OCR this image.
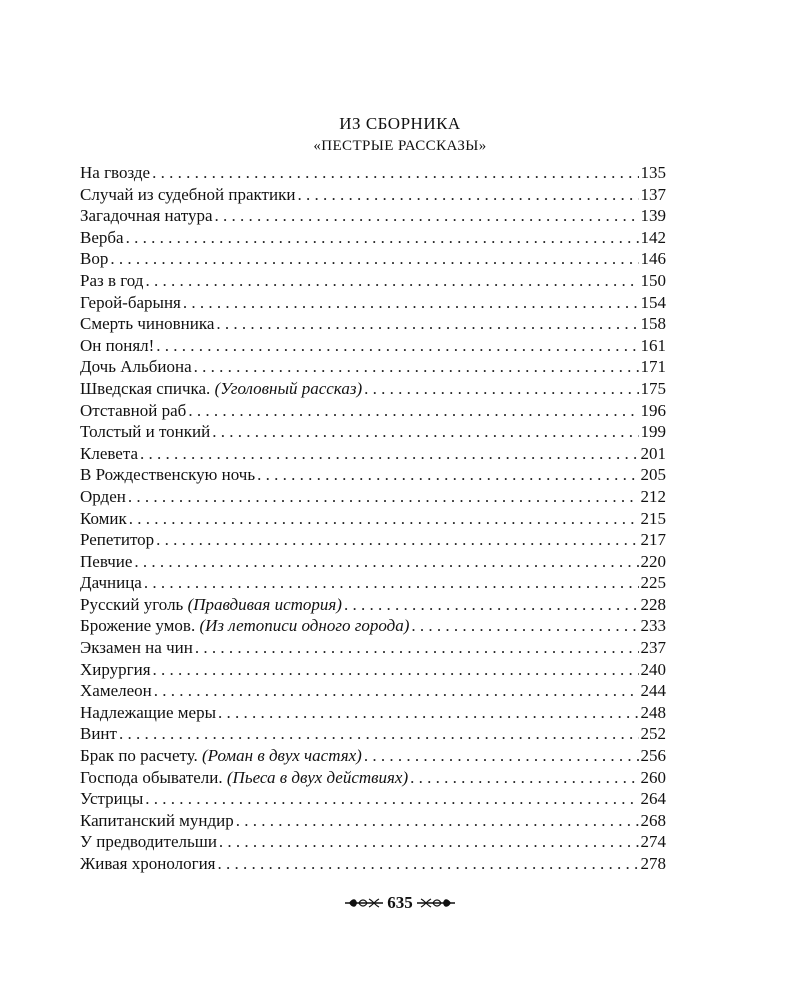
ИЗ СБОРНИКА
«ПЕСТРЫЕ РАССКАЗЫ»
На гвозде . . .	135
Случай из судебной практики . . .	137
Загадочная натура . . .	139
Верба . . .	142
Вор . . .	146
Раз в год . . .	150
Герой-барыня . . .	154
Смерть чиновника . . .	158
Он понял! . . .	161
Дочь Альбиона . . .	171
Шведская спичка. (Уголовный рассказ) . . .	175
Отставной раб . . .	196
Толстый и тонкий . . .	199
Клевета . . .	201
В Рождественскую ночь . . .	205
Орден . . .	212
Комик . . .	215
Репетитор . . .	217
Певчие . . .	220
Дачница . . .	225
Русский уголь (Правдивая история) . . .	228
Брожение умов. (Из летописи одного города) . . .	233
Экзамен на чин . . .	237
Хирургия . . .	240
Хамелеон . . .	244
Надлежащие меры . . .	248
Винт . . .	252
Брак по расчету. (Роман в двух частях) . . .	256
Господа обыватели. (Пьеса в двух действиях) . . .	260
Устрицы . . .	264
Капитанский мундир . . .	268
У предводительши . . .	274
Живая хронология . . .	278
635
